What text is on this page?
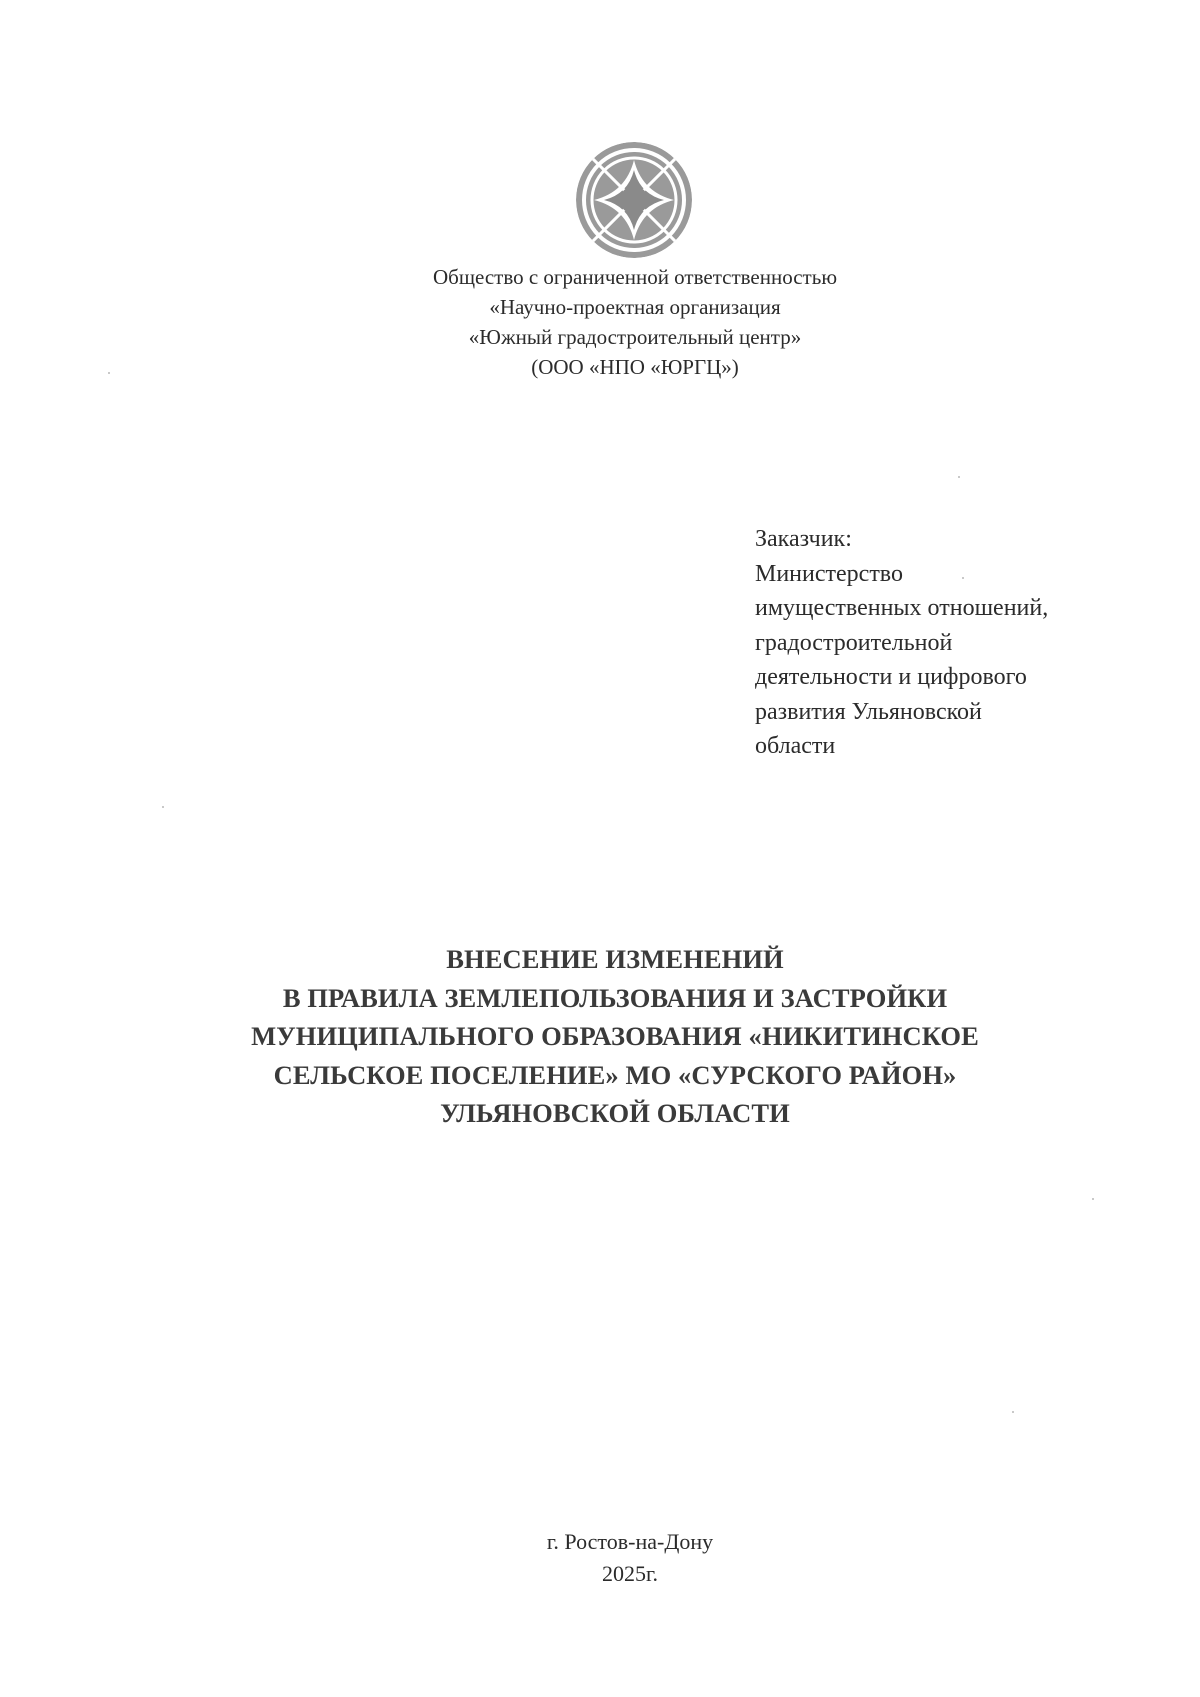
Общество с ограниченной ответственностью
«Научно-проектная организация
«Южный градостроительный центр»
(ООО «НПО «ЮРГЦ»)
Заказчик:
Министерство
имущественных отношений,
градостроительной
деятельности и цифрового
развития Ульяновской
области
ВНЕСЕНИЕ ИЗМЕНЕНИЙ
В ПРАВИЛА ЗЕМЛЕПОЛЬЗОВАНИЯ И ЗАСТРОЙКИ
МУНИЦИПАЛЬНОГО ОБРАЗОВАНИЯ «НИКИТИНСКОЕ
СЕЛЬСКОЕ ПОСЕЛЕНИЕ» МО «СУРСКОГО РАЙОН»
УЛЬЯНОВСКОЙ ОБЛАСТИ
г. Ростов-на-Дону
2025г.
